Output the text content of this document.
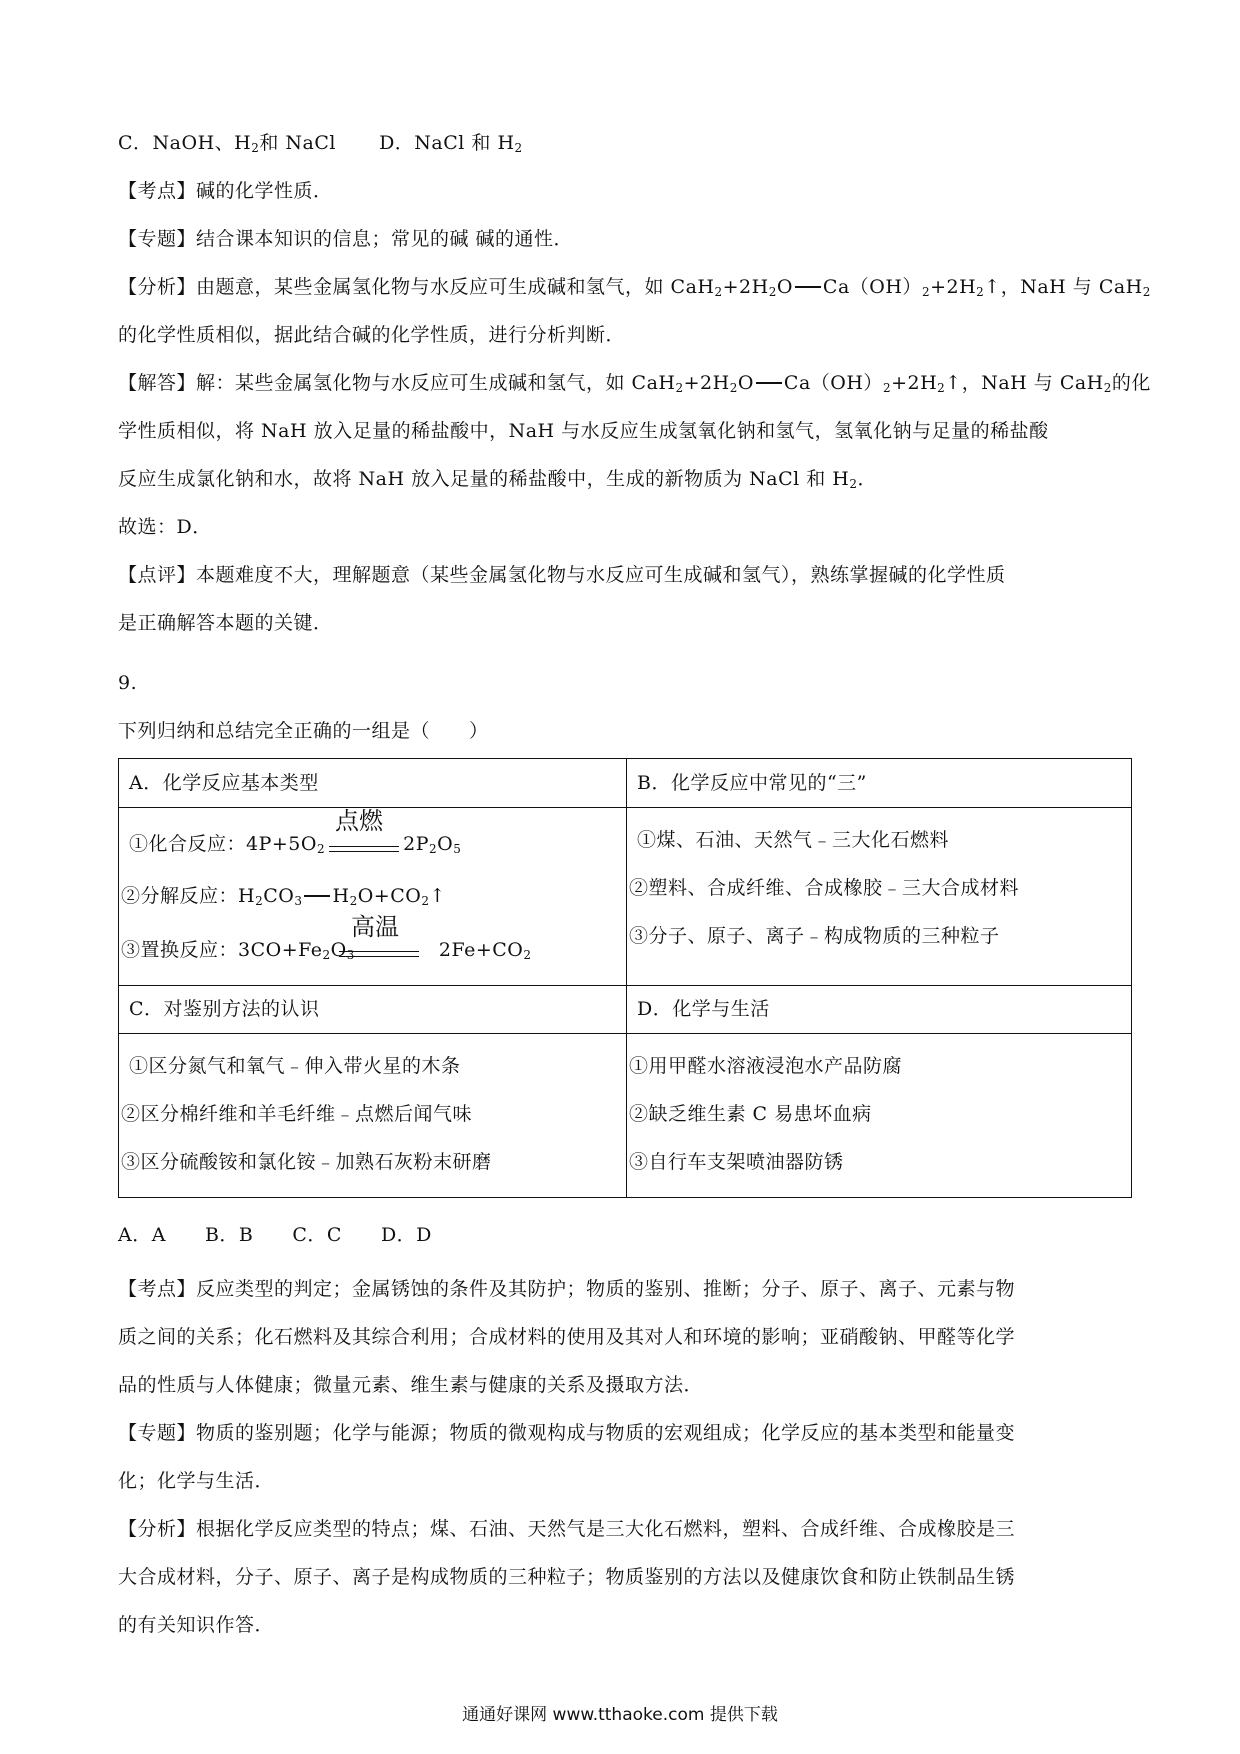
C．NaOH、$H_2$和 NaCl D．NaCl 和 $H_2$
【考点】碱的化学性质．
【专题】结合课本知识的信息；常见的碱 碱的通性．
【分析】由题意，某些金属氢化物与水反应可生成碱和氢气，如 $CaH_2+2H_2O$ $Ca(OH)_2+2H_2↑$，NaH 与 CaH$_2$
的化学性质相似，据此结合碱的化学性质，进行分析判断．
【解答】解：某些金属氢化物与水反应可生成碱和氢气，如 $CaH_2+2H_2O$ $Ca(OH)_2+2H_2↑$，NaH 与 CaH$_2$的化
学性质相似，将 NaH 放入足量的稀盐酸中，NaH 与水反应生成氢氧化钠和氢气，氢氧化钠与足量的稀盐酸
反应生成氯化钠和水，故将 NaH 放入足量的稀盐酸中，生成的新物质为 NaCl 和 $H_2$．
故选：D．
【点评】本题难度不大，理解题意（某些金属氢化物与水反应可生成碱和氢气），熟练掌握碱的化学性质
是正确解答本题的关键．
9.
下列归纳和总结完全正确的一组是（　　）
A．化学反应基本类型
①化合反应：$4P+5O_2$	$2P_2O_5$
点燃
②分解反应：$H_2CO_3$ $H_2O+CO_2↑$
③置换反应：$3CO+Fe_2O_3$	$2Fe+CO_2$
高温
B．化学反应中常见的“三”
①煤、石油、天然气﹣三大化石燃料
②塑料、合成纤维、合成橡胶﹣三大合成材料
③分子、原子、离子﹣构成物质的三种粒子
C．对鉴别方法的认识
①区分氮气和氧气﹣伸入带火星的木条
②区分棉纤维和羊毛纤维﹣点燃后闻气味
③区分硫酸铵和氯化铵﹣加熟石灰粉末研磨
D．化学与生活
①用甲醛水溶液浸泡水产品防腐
②缺乏维生素 C 易患坏血病
③自行车支架喷油器防锈
A．A　　B．B　　C．C　　D．D
【考点】反应类型的判定；金属锈蚀的条件及其防护；物质的鉴别、推断；分子、原子、离子、元素与物
质之间的关系；化石燃料及其综合利用；合成材料的使用及其对人和环境的影响；亚硝酸钠、甲醛等化学
品的性质与人体健康；微量元素、维生素与健康的关系及摄取方法．
【专题】物质的鉴别题；化学与能源；物质的微观构成与物质的宏观组成；化学反应的基本类型和能量变
化；化学与生活．
【分析】根据化学反应类型的特点；煤、石油、天然气是三大化石燃料，塑料、合成纤维、合成橡胶是三
大合成材料，分子、原子、离子是构成物质的三种粒子；物质鉴别的方法以及健康饮食和防止铁制品生锈
的有关知识作答．
通通好课网 www.tthaoke.com 提供下载
